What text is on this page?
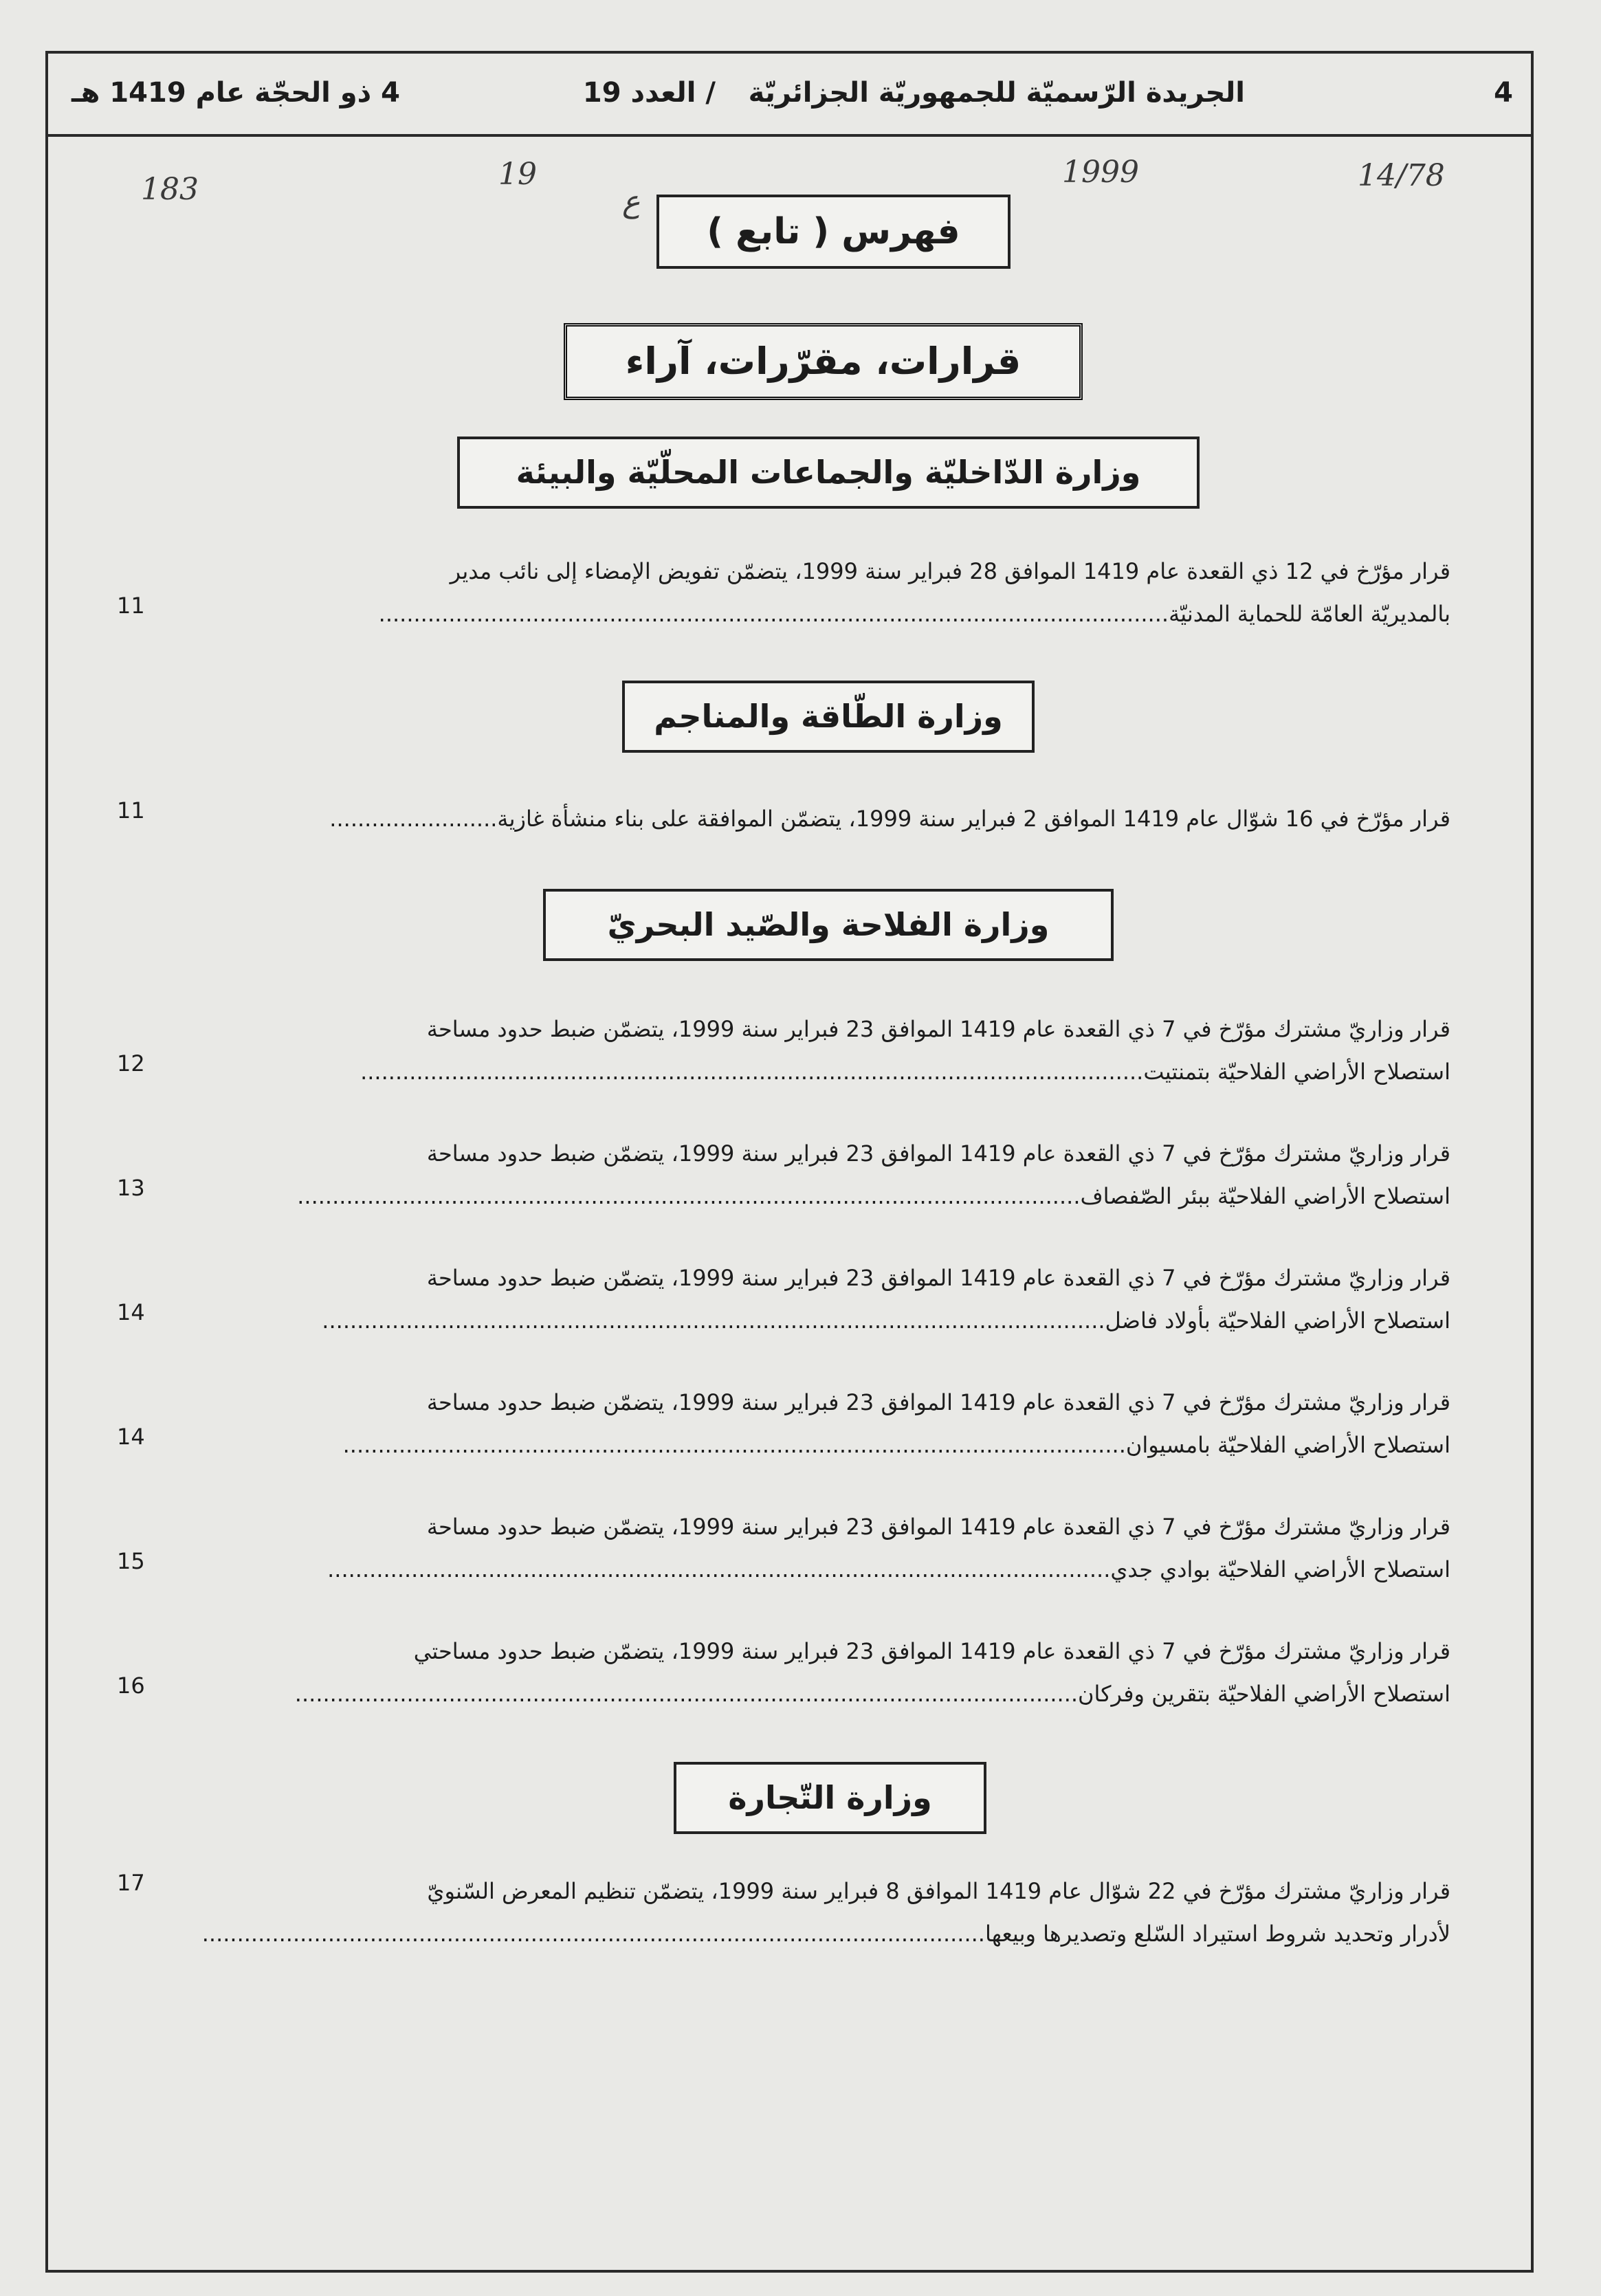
4
الجريدة الرّسميّة للجمهوريّة الجزائريّة
/ العدد 19
4 ذو الحجّة عام 1419 هـ
183	19
ع
1999	14/78
فهرس ( تابع )
قرارات، مقرّرات، آراء
وزارة الدّاخليّة والجماعات المحلّيّة والبيئة
قرار مؤرّخ في 12 ذي القعدة عام 1419 الموافق 28 فبراير سنة 1999، يتضمّن تفويض الإمضاء إلى نائب مدير
بالمديريّة العامّة للحماية المدنيّة.................................................................................................................
11
وزارة الطّاقة والمناجم
قرار مؤرّخ في 16 شوّال عام 1419 الموافق 2 فبراير سنة 1999، يتضمّن الموافقة على بناء منشأة غازية........................
11
وزارة الفلاحة والصّيد البحريّ
قرار وزاريّ مشترك مؤرّخ في 7 ذي القعدة عام 1419 الموافق 23 فبراير سنة 1999، يتضمّن ضبط حدود مساحة
استصلاح الأراضي الفلاحيّة بتمنتيت................................................................................................................
12
قرار وزاريّ مشترك مؤرّخ في 7 ذي القعدة عام 1419 الموافق 23 فبراير سنة 1999، يتضمّن ضبط حدود مساحة
استصلاح الأراضي الفلاحيّة ببئر الصّفصاف................................................................................................................
13
قرار وزاريّ مشترك مؤرّخ في 7 ذي القعدة عام 1419 الموافق 23 فبراير سنة 1999، يتضمّن ضبط حدود مساحة
استصلاح الأراضي الفلاحيّة بأولاد فاضل................................................................................................................
14
قرار وزاريّ مشترك مؤرّخ في 7 ذي القعدة عام 1419 الموافق 23 فبراير سنة 1999، يتضمّن ضبط حدود مساحة
استصلاح الأراضي الفلاحيّة بامسيوان................................................................................................................
14
قرار وزاريّ مشترك مؤرّخ في 7 ذي القعدة عام 1419 الموافق 23 فبراير سنة 1999، يتضمّن ضبط حدود مساحة
استصلاح الأراضي الفلاحيّة بوادي جدي................................................................................................................
15
قرار وزاريّ مشترك مؤرّخ في 7 ذي القعدة عام 1419 الموافق 23 فبراير سنة 1999، يتضمّن ضبط حدود مساحتي
استصلاح الأراضي الفلاحيّة بتقرين وفركان................................................................................................................
16
وزارة التّجارة
قرار وزاريّ مشترك مؤرّخ في 22 شوّال عام 1419 الموافق 8 فبراير سنة 1999، يتضمّن تنظيم المعرض السّنويّ
لأدرار وتحديد شروط استيراد السّلع وتصديرها وبيعها................................................................................................................
17
